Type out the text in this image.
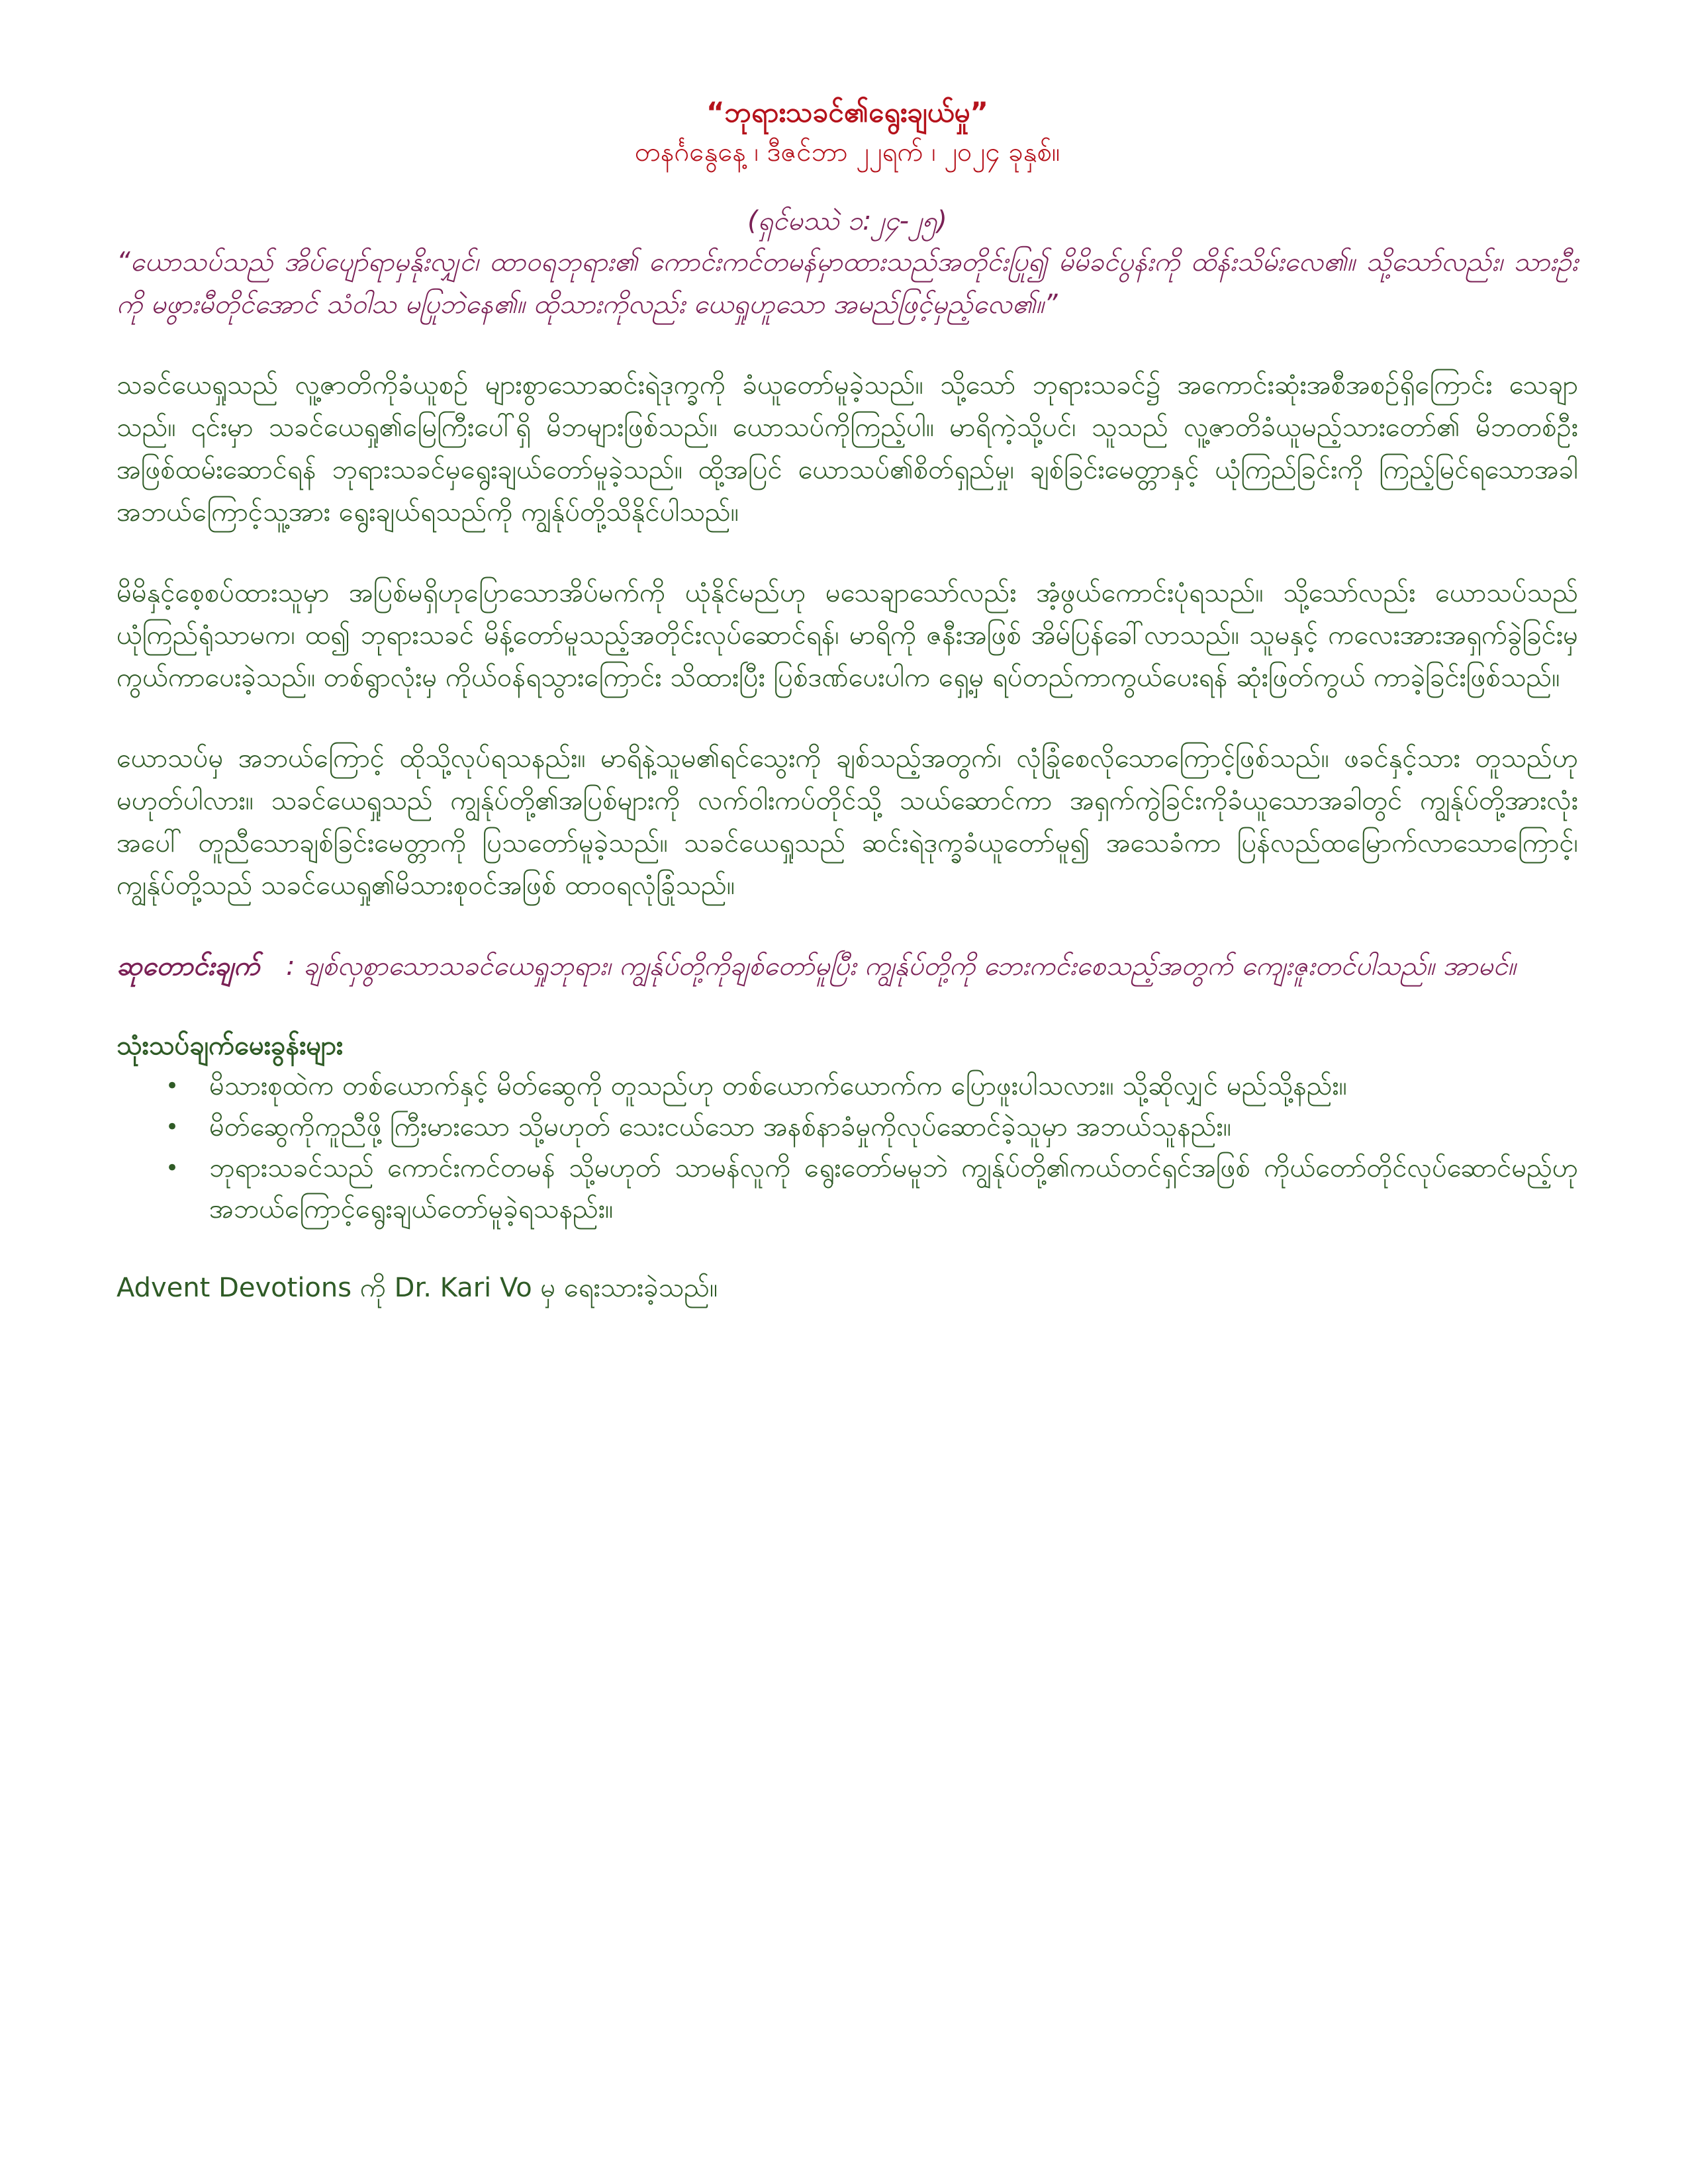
“ဘုရားသခင်၏ရွေးချယ်မှု”

တနင်္ဂနွေနေ့ ၊ ဒီဇင်ဘာ ၂၂ရက် ၊ ၂၀၂၄ ခုနှစ်။

(ရှင်မဿဲ ၁:၂၄-၂၅)

“ယောသပ်သည် အိပ်ပျော်ရာမှနိုးလျှင်၊ ထာဝရဘုရား၏ ကောင်းကင်တမန်မှာထားသည်အတိုင်းပြု၍ မိမိခင်ပွန်းကို ထိန်းသိမ်းလေ၏။ သို့သော်လည်း၊ သားဦးကို မဖွားမီတိုင်အောင် သံဝါသ မပြုဘဲနေ၏။ ထိုသားကိုလည်း ယေရှုဟူသော အမည်ဖြင့်မှည့်လေ၏။”

သခင်ယေရှုသည် လူ့ဇာတိကိုခံယူစဉ် များစွာသောဆင်းရဲဒုက္ခကို ခံယူတော်မူခဲ့သည်။ သို့သော် ဘုရားသခင်၌ အကောင်းဆုံးအစီအစဉ်ရှိကြောင်း သေချာသည်။ ၎င်းမှာ သခင်ယေရှု၏မြေကြီးပေါ်ရှိ မိဘများဖြစ်သည်။ ယောသပ်ကိုကြည့်ပါ။ မာရိကဲ့သို့ပင်၊ သူသည် လူ့ဇာတိခံယူမည့်သားတော်၏ မိဘတစ်ဦးအဖြစ်ထမ်းဆောင်ရန် ဘုရားသခင်မှရွေးချယ်တော်မူခဲ့သည်။ ထို့အပြင် ယောသပ်၏စိတ်ရှည်မှု၊ ချစ်ခြင်းမေတ္တာနှင့် ယုံကြည်ခြင်းကို ကြည့်မြင်ရသောအခါ အဘယ်ကြောင့်သူ့အား ရွေးချယ်ရသည်ကို ကျွန်ုပ်တို့သိနိုင်ပါသည်။

မိမိနှင့်စေ့စပ်ထားသူမှာ အပြစ်မရှိဟုပြောသောအိပ်မက်ကို ယုံနိုင်မည်ဟု မသေချာသော်လည်း အံ့ဖွယ်ကောင်းပုံရသည်။ သို့သော်လည်း ယောသပ်သည် ယုံကြည်ရုံသာမက၊ ထ၍ ဘုရားသခင် မိန့်တော်မူသည့်အတိုင်းလုပ်ဆောင်ရန်၊ မာရိကို ဇနီးအဖြစ် အိမ်ပြန်ခေါ်လာသည်။ သူမနှင့် ကလေးအားအရှက်ခွဲခြင်းမှ ကွယ်ကာပေးခဲ့သည်။ တစ်ရွာလုံးမှ ကိုယ်ဝန်ရသွားကြောင်း သိထားပြီး ပြစ်ဒဏ်ပေးပါက ရှေ့မှ ရပ်တည်ကာကွယ်ပေးရန် ဆုံးဖြတ်ကွယ် ကာခဲ့ခြင်းဖြစ်သည်။

ယောသပ်မှ အဘယ်ကြောင့် ထိုသို့လုပ်ရသနည်း။ မာရိနဲ့သူမ၏ရင်သွေးကို ချစ်သည့်အတွက်၊ လုံခြုံစေလိုသောကြောင့်ဖြစ်သည်။ ဖခင်နှင့်သား တူသည်ဟုမဟုတ်ပါလား။ သခင်ယေရှုသည် ကျွန်ုပ်တို့၏အပြစ်များကို လက်ဝါးကပ်တိုင်သို့ သယ်ဆောင်ကာ အရှက်ကွဲခြင်းကိုခံယူသောအခါတွင် ကျွန်ုပ်တို့အားလုံးအပေါ် တူညီသောချစ်ခြင်းမေတ္တာကို ပြသတော်မူခဲ့သည်။ သခင်ယေရှုသည် ဆင်းရဲဒုက္ခခံယူတော်မူ၍ အသေခံကာ ပြန်လည်ထမြောက်လာသောကြောင့်၊ ကျွန်ုပ်တို့သည် သခင်ယေရှု၏မိသားစုဝင်အဖြစ် ထာဝရလုံခြုံသည်။

ဆုတောင်းချက် : ချစ်လှစွာသောသခင်ယေရှုဘုရား၊ ကျွန်ုပ်တို့ကိုချစ်တော်မူပြီး ကျွန်ုပ်တို့ကို ဘေးကင်းစေသည့်အတွက် ကျေးဇူးတင်ပါသည်။ အာမင်။

သုံးသပ်ချက်မေးခွန်းများ

• မိသားစုထဲက တစ်ယောက်နှင့် မိတ်ဆွေကို တူသည်ဟု တစ်ယောက်ယောက်က ပြောဖူးပါသလား။ သို့ဆိုလျှင် မည်သို့နည်း။
• မိတ်ဆွေကိုကူညီဖို့ ကြီးမားသော သို့မဟုတ် သေးငယ်သော အနစ်နာခံမှုကိုလုပ်ဆောင်ခဲ့သူမှာ အဘယ်သူနည်း။
• ဘုရားသခင်သည် ကောင်းကင်တမန် သို့မဟုတ် သာမန်လူကို ရွေးတော်မမူဘဲ ကျွန်ုပ်တို့၏ကယ်တင်ရှင်အဖြစ် ကိုယ်တော်တိုင်လုပ်ဆောင်မည့်ဟု အဘယ်ကြောင့်ရွေးချယ်တော်မူခဲ့ရသနည်း။

Advent Devotions ကို Dr. Kari Vo မှ ရေးသားခဲ့သည်။
